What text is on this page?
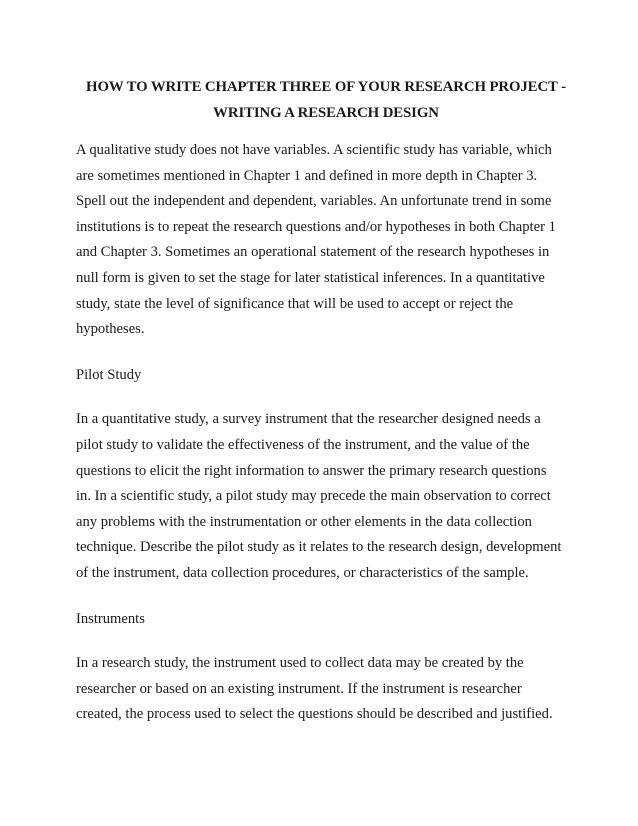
HOW TO WRITE CHAPTER THREE OF YOUR RESEARCH PROJECT -
WRITING A RESEARCH DESIGN
A qualitative study does not have variables. A scientific study has variable, which
are sometimes mentioned in Chapter 1 and defined in more depth in Chapter 3.
Spell out the independent and dependent, variables. An unfortunate trend in some
institutions is to repeat the research questions and/or hypotheses in both Chapter 1
and Chapter 3. Sometimes an operational statement of the research hypotheses in
null form is given to set the stage for later statistical inferences. In a quantitative
study, state the level of significance that will be used to accept or reject the
hypotheses.
Pilot Study
In a quantitative study, a survey instrument that the researcher designed needs a
pilot study to validate the effectiveness of the instrument, and the value of the
questions to elicit the right information to answer the primary research questions
in. In a scientific study, a pilot study may precede the main observation to correct
any problems with the instrumentation or other elements in the data collection
technique. Describe the pilot study as it relates to the research design, development
of the instrument, data collection procedures, or characteristics of the sample.
Instruments
In a research study, the instrument used to collect data may be created by the
researcher or based on an existing instrument. If the instrument is researcher
created, the process used to select the questions should be described and justified.
